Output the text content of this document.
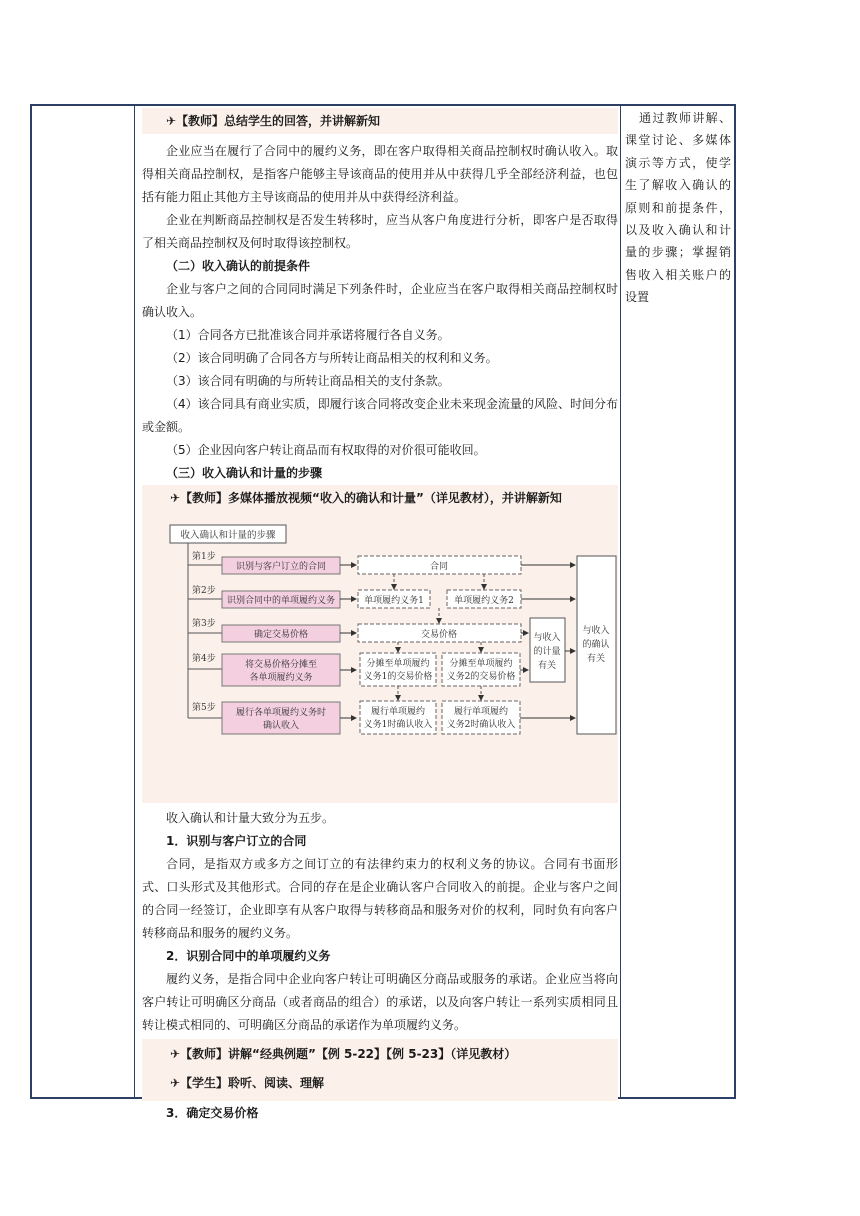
✈【教师】总结学生的回答，并讲解新知

企业应当在履行了合同中的履约义务，即在客户取得相关商品控制权时确认收入。取得相关商品控制权，是指客户能够主导该商品的使用并从中获得几乎全部经济利益，也包括有能力阻止其他方主导该商品的使用并从中获得经济利益。

企业在判断商品控制权是否发生转移时，应当从客户角度进行分析，即客户是否取得了相关商品控制权及何时取得该控制权。

（二）收入确认的前提条件

企业与客户之间的合同同时满足下列条件时，企业应当在客户取得相关商品控制权时确认收入。

（1）合同各方已批准该合同并承诺将履行各自义务。

（2）该合同明确了合同各方与所转让商品相关的权利和义务。

（3）该合同有明确的与所转让商品相关的支付条款。

（4）该合同具有商业实质，即履行该合同将改变企业未来现金流量的风险、时间分布或金额。

（5）企业因向客户转让商品而有权取得的对价很可能收回。

（三）收入确认和计量的步骤

✈【教师】多媒体播放视频“收入的确认和计量”（详见教材），并讲解新知
收入确认和计量的步骤
第1步
第2步
第3步
第4步
第5步
识别与客户订立的合同
识别合同中的单项履约义务
确定交易价格
将交易价格分摊至
各单项履约义务
履行各单项履约义务时
确认收入
合同
单项履约义务1	单项履约义务2
交易价格
分摊至单项履约
义务1的交易价格
分摊至单项履约
义务2的交易价格
履行单项履约
义务1时确认收入
履行单项履约
义务2时确认收入
与收入
的计量
有关
与收入
的确认
有关

收入确认和计量大致分为五步。

1．识别与客户订立的合同

合同，是指双方或多方之间订立的有法律约束力的权利义务的协议。合同有书面形式、口头形式及其他形式。合同的存在是企业确认客户合同收入的前提。企业与客户之间的合同一经签订，企业即享有从客户取得与转移商品和服务对价的权利，同时负有向客户转移商品和服务的履约义务。

2．识别合同中的单项履约义务

履约义务，是指合同中企业向客户转让可明确区分商品或服务的承诺。企业应当将向客户转让可明确区分商品（或者商品的组合）的承诺，以及向客户转让一系列实质相同且转让模式相同的、可明确区分商品的承诺作为单项履约义务。

✈【教师】讲解“经典例题”【例 5-22】【例 5-23】（详见教材）
✈【学生】聆听、阅读、理解

3．确定交易价格

通过教师讲解、课堂讨论、多媒体演示等方式，使学生了解收入确认的原则和前提条件，以及收入确认和计量的步骤；掌握销售收入相关账户的设置
